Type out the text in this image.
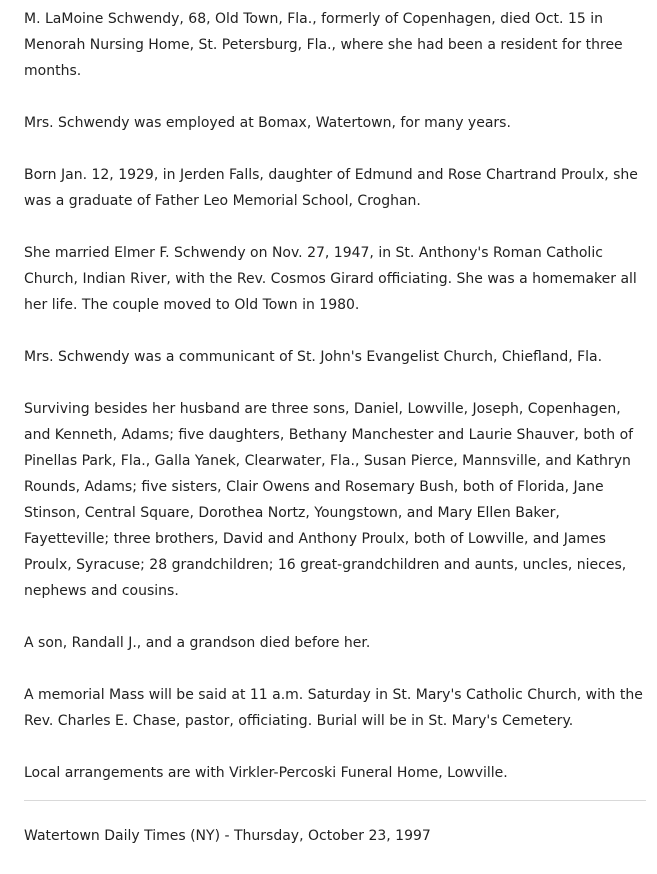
M. LaMoine Schwendy, 68, Old Town, Fla., formerly of Copenhagen, died Oct. 15 in Menorah Nursing Home, St. Petersburg, Fla., where she had been a resident for three months.

Mrs. Schwendy was employed at Bomax, Watertown, for many years.

Born Jan. 12, 1929, in Jerden Falls, daughter of Edmund and Rose Chartrand Proulx, she was a graduate of Father Leo Memorial School, Croghan.

She married Elmer F. Schwendy on Nov. 27, 1947, in St. Anthony's Roman Catholic Church, Indian River, with the Rev. Cosmos Girard officiating. She was a homemaker all her life. The couple moved to Old Town in 1980.

Mrs. Schwendy was a communicant of St. John's Evangelist Church, Chiefland, Fla.

Surviving besides her husband are three sons, Daniel, Lowville, Joseph, Copenhagen, and Kenneth, Adams; five daughters, Bethany Manchester and Laurie Shauver, both of Pinellas Park, Fla., Galla Yanek, Clearwater, Fla., Susan Pierce, Mannsville, and Kathryn Rounds, Adams; five sisters, Clair Owens and Rosemary Bush, both of Florida, Jane Stinson, Central Square, Dorothea Nortz, Youngstown, and Mary Ellen Baker, Fayetteville; three brothers, David and Anthony Proulx, both of Lowville, and James Proulx, Syracuse; 28 grandchildren; 16 great-grandchildren and aunts, uncles, nieces, nephews and cousins.

A son, Randall J., and a grandson died before her.

A memorial Mass will be said at 11 a.m. Saturday in St. Mary's Catholic Church, with the Rev. Charles E. Chase, pastor, officiating. Burial will be in St. Mary's Cemetery.

Local arrangements are with Virkler-Percoski Funeral Home, Lowville.

Watertown Daily Times (NY) - Thursday, October 23, 1997
